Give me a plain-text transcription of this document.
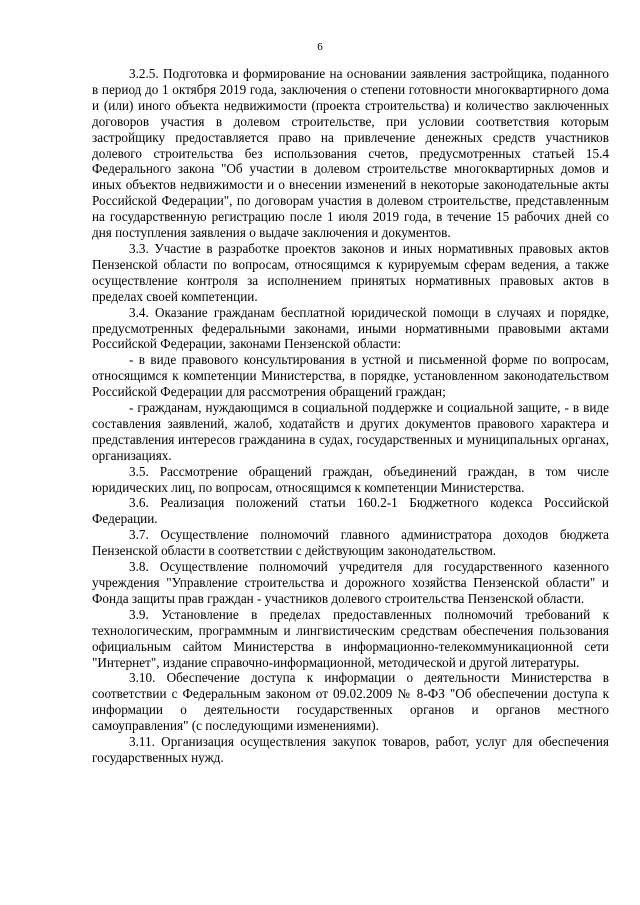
6

3.2.5. Подготовка и формирование на основании заявления застройщика, поданного в период до 1 октября 2019 года, заключения о степени готовности многоквартирного дома и (или) иного объекта недвижимости (проекта строительства) и количество заключенных договоров участия в долевом строительстве, при условии соответствия которым застройщику предоставляется право на привлечение денежных средств участников долевого строительства без использования счетов, предусмотренных статьей 15.4 Федерального закона "Об участии в долевом строительстве многоквартирных домов и иных объектов недвижимости и о внесении изменений в некоторые законодательные акты Российской Федерации", по договорам участия в долевом строительстве, представленным на государственную регистрацию после 1 июля 2019 года, в течение 15 рабочих дней со дня поступления заявления о выдаче заключения и документов.

3.3. Участие в разработке проектов законов и иных нормативных правовых актов Пензенской области по вопросам, относящимся к курируемым сферам ведения, а также осуществление контроля за исполнением принятых нормативных правовых актов в пределах своей компетенции.

3.4. Оказание гражданам бесплатной юридической помощи в случаях и порядке, предусмотренных федеральными законами, иными нормативными правовыми актами Российской Федерации, законами Пензенской области:

- в виде правового консультирования в устной и письменной форме по вопросам, относящимся к компетенции Министерства, в порядке, установленном законодательством Российской Федерации для рассмотрения обращений граждан;

- гражданам, нуждающимся в социальной поддержке и социальной защите, - в виде составления заявлений, жалоб, ходатайств и других документов правового характера и представления интересов гражданина в судах, государственных и муниципальных органах, организациях.

3.5. Рассмотрение обращений граждан, объединений граждан, в том числе юридических лиц, по вопросам, относящимся к компетенции Министерства.

3.6. Реализация положений статьи 160.2-1 Бюджетного кодекса Российской Федерации.

3.7. Осуществление полномочий главного администратора доходов бюджета Пензенской области в соответствии с действующим законодательством.

3.8. Осуществление полномочий учредителя для государственного казенного учреждения "Управление строительства и дорожного хозяйства Пензенской области" и Фонда защиты прав граждан - участников долевого строительства Пензенской области.

3.9. Установление в пределах предоставленных полномочий требований к технологическим, программным и лингвистическим средствам обеспечения пользования официальным сайтом Министерства в информационно-телекоммуникационной сети "Интернет", издание справочно-информационной, методической и другой литературы.

3.10. Обеспечение доступа к информации о деятельности Министерства в соответствии с Федеральным законом от 09.02.2009 № 8-ФЗ "Об обеспечении доступа к информации о деятельности государственных органов и органов местного самоуправления" (с последующими изменениями).

3.11. Организация осуществления закупок товаров, работ, услуг для обеспечения государственных нужд.
